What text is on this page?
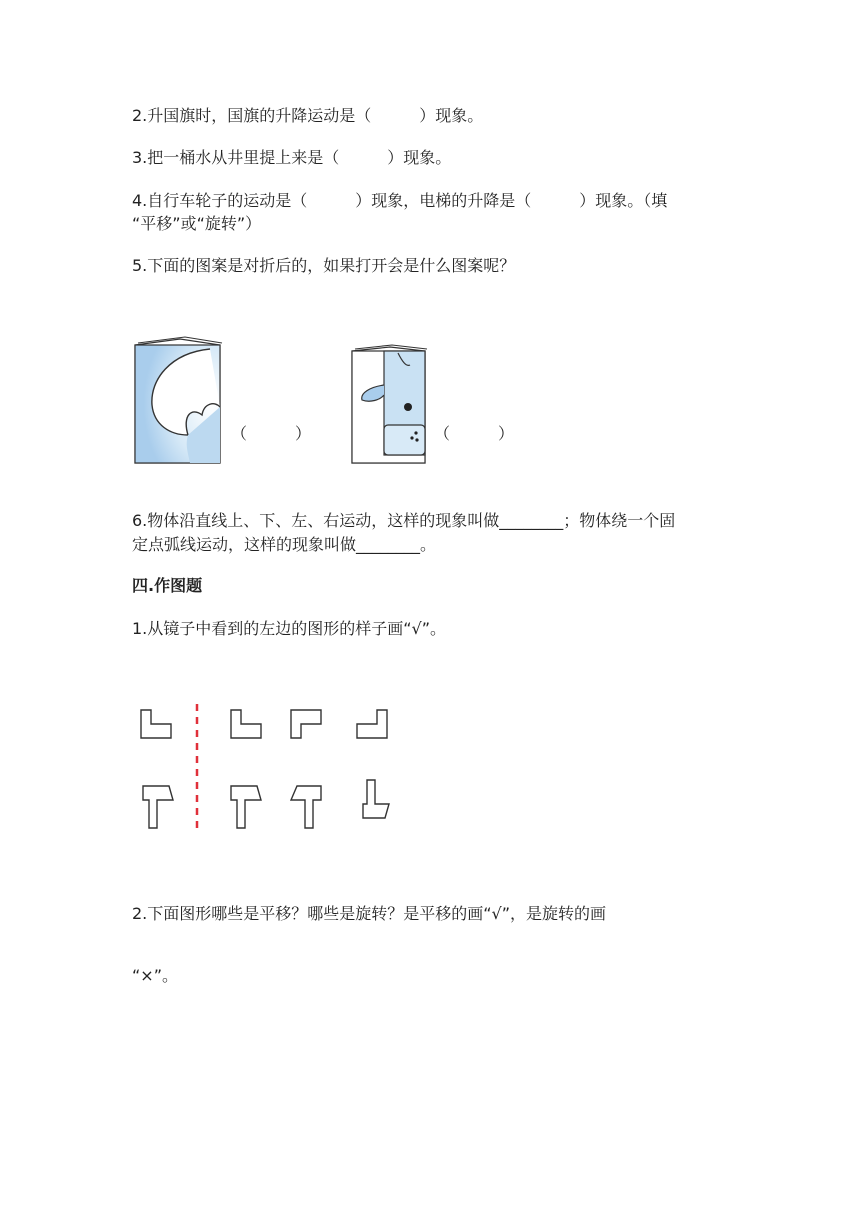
2.升国旗时，国旗的升降运动是（　　　）现象。
3.把一桶水从井里提上来是（　　　）现象。
4.自行车轮子的运动是（　　　）现象，电梯的升降是（　　　）现象。（填
“平移”或“旋转”）
5.下面的图案是对折后的，如果打开会是什么图案呢？
（　　　）	（　　　）
6.物体沿直线上、下、左、右运动，这样的现象叫做________；物体绕一个固
定点弧线运动，这样的现象叫做________。
四.作图题
1.从镜子中看到的左边的图形的样子画“√”。
2.下面图形哪些是平移？哪些是旋转？是平移的画“√”，是旋转的画
“×”。
